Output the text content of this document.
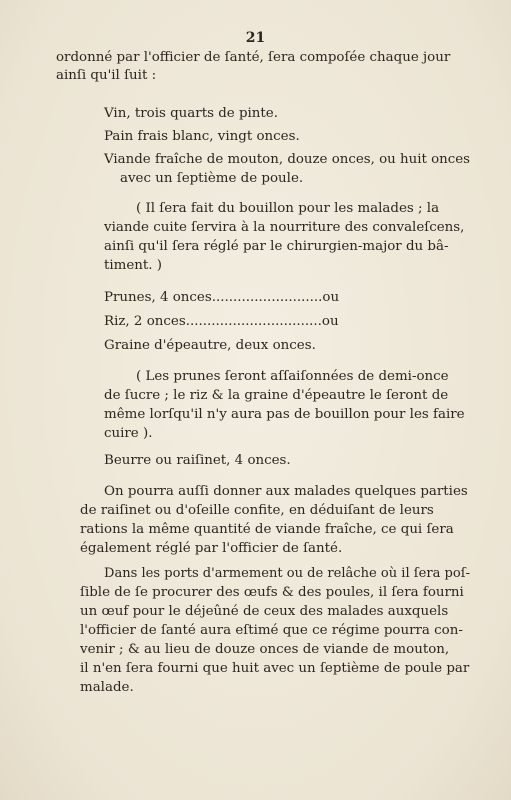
21
ordonné par l'officier de ſanté, ſera compoſée chaque jour
ainſi qu'il ſuit :
Vin, trois quarts de pinte.
Pain frais blanc, vingt onces.
Viande fraîche de mouton, douze onces, ou huit onces
avec un ſeptième de poule.
( Il ſera fait du bouillon pour les malades ; la
viande cuite ſervira à la nourriture des convaleſcens,
ainſi qu'il ſera réglé par le chirurgien-major du bâ-
timent. )
Prunes, 4 onces..........................ou
Riz, 2 onces................................ou
Graine d'épeautre, deux onces.
( Les prunes ſeront aſſaiſonnées de demi-once
de ſucre ; le riz & la graine d'épeautre le ſeront de
même lorſqu'il n'y aura pas de bouillon pour les faire
cuire ).
Beurre ou raiſinet, 4 onces.
On pourra auſſi donner aux malades quelques parties
de raiſinet ou d'oſeille confite, en déduiſant de leurs
rations la même quantité de viande fraîche, ce qui ſera
également réglé par l'officier de ſanté.
Dans les ports d'armement ou de relâche où il ſera poſ-
ſible de ſe procurer des œufs & des poules, il ſera fourni
un œuf pour le déjeûné de ceux des malades auxquels
l'officier de ſanté aura eſtimé que ce régime pourra con-
venir ; & au lieu de douze onces de viande de mouton,
il n'en ſera fourni que huit avec un ſeptième de poule par
malade.
